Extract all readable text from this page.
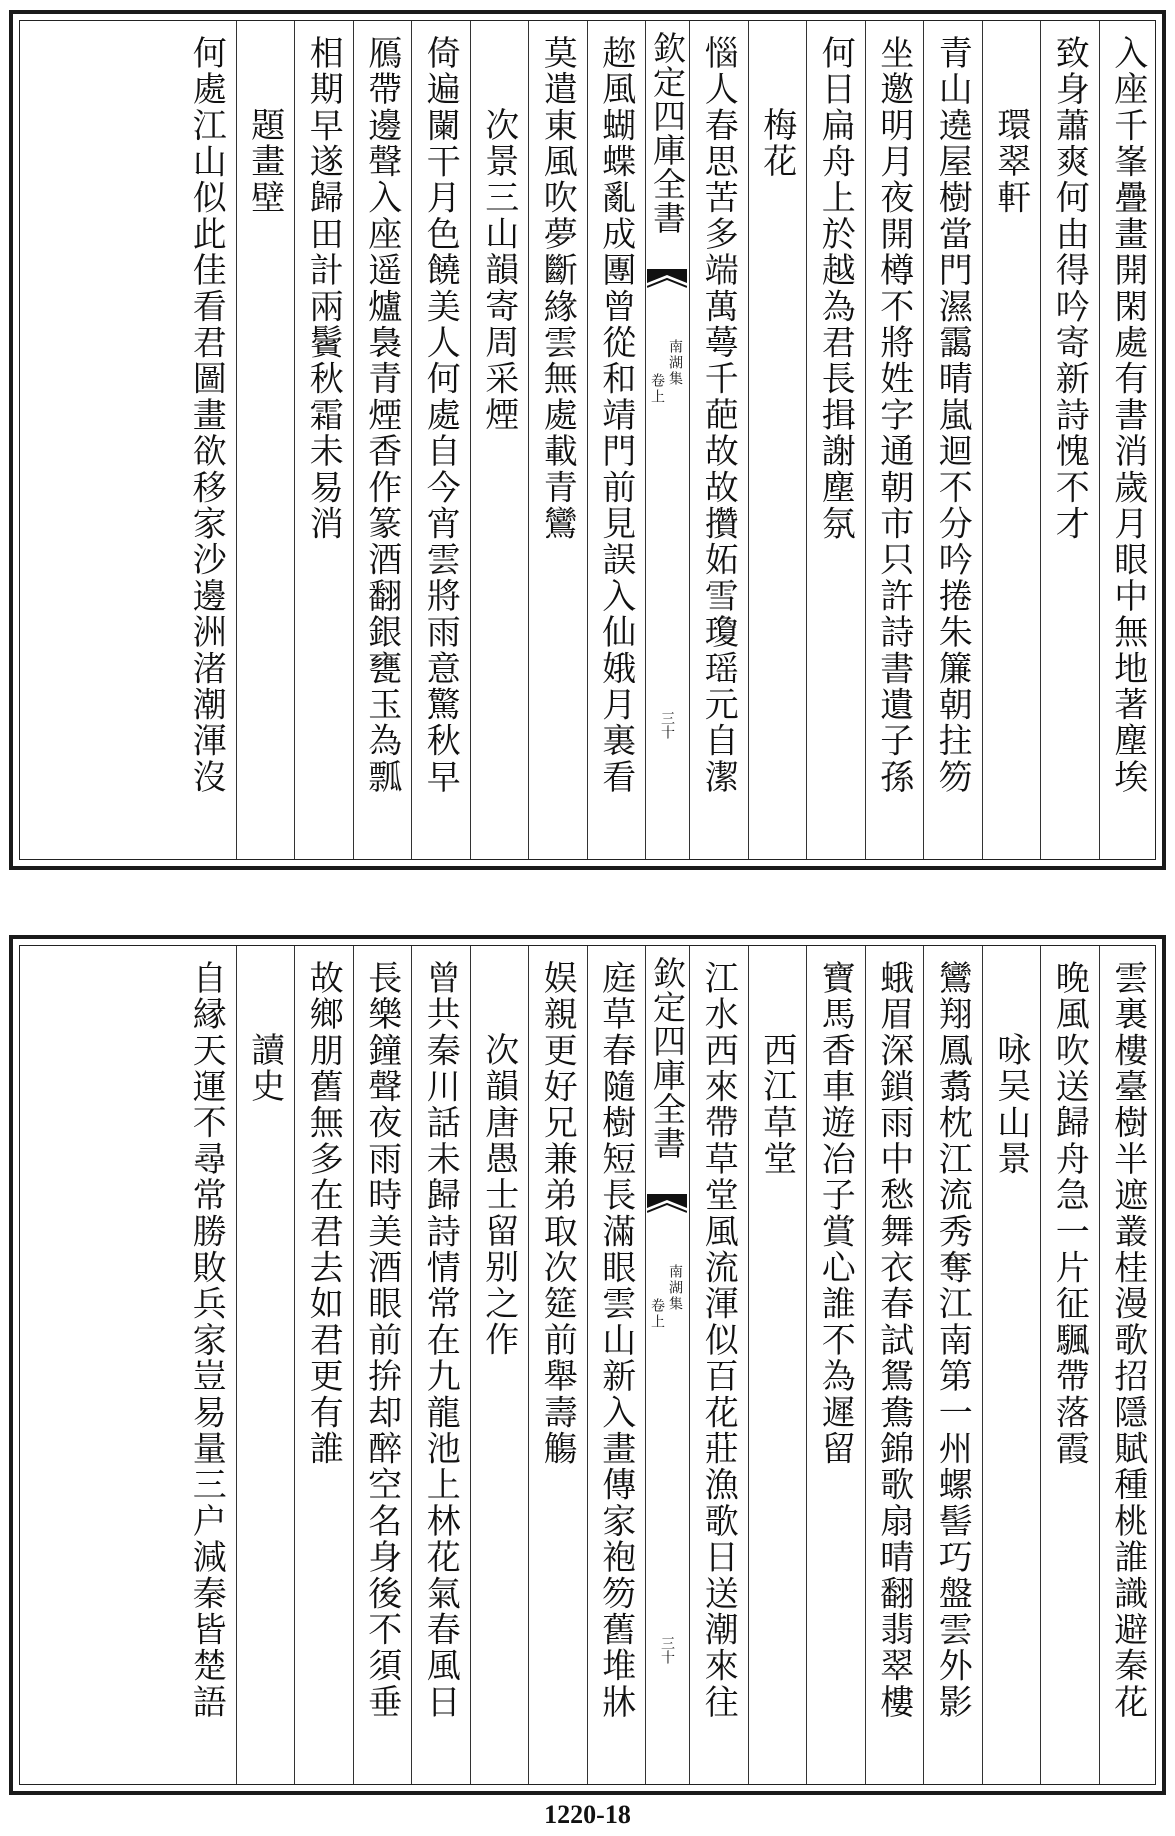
入座千峯疊畫開閑處有書消歲月眼中無地著塵埃
致身蕭爽何由得吟寄新詩愧不才
環翠軒
青山遶屋樹當門濕靄晴嵐迴不分吟捲朱簾朝拄笏
坐邀明月夜開樽不將姓字通朝市只許詩書遺子孫
何日扁舟上於越為君長揖謝塵氛
梅花
惱人春思苦多端萬蕚千葩故故攢妬雪瓊瑶元自潔
欽定四庫全書
南湖集
卷上
三十
趂風蝴蝶亂成團曾從和靖門前見誤入仙娥月裏看
莫遣東風吹夢斷緣雲無處載青鸞
次景三山韻寄周采煙
倚遍闌干月色饒美人何處自今宵雲將雨意驚秋早
鴈帶邊聲入座遥爐裊青煙香作篆酒翻銀甕玉為瓢
相期早遂歸田計兩鬢秋霜未易消
題畫壁
何處江山似此佳看君圖畫欲移家沙邊洲渚潮渾沒
雲裏樓臺樹半遮叢桂漫歌招隱賦種桃誰識避秦花
晚風吹送歸舟急一片征颿帶落霞
咏吴山景
鸞翔鳳翥枕江流秀奪江南第一州螺髻巧盤雲外影
蛾眉深鎖雨中愁舞衣春試鴛鴦錦歌扇晴翻翡翠樓
寶馬香車遊冶子賞心誰不為遲留
西江草堂
江水西來帶草堂風流渾似百花莊漁歌日送潮來往
欽定四庫全書
南湖集
卷上
三十
庭草春隨樹短長滿眼雲山新入畫傳家袍笏舊堆牀
娱親更好兄兼弟取次筵前舉壽觴
次韻唐愚士留别之作
曾共秦川話未歸詩情常在九龍池上林花氣春風日
長樂鐘聲夜雨時美酒眼前拚却醉空名身後不須垂
故鄉朋舊無多在君去如君更有誰
讀史
自縁天運不尋常勝敗兵家豈易量三户減秦皆楚語
1220-18
